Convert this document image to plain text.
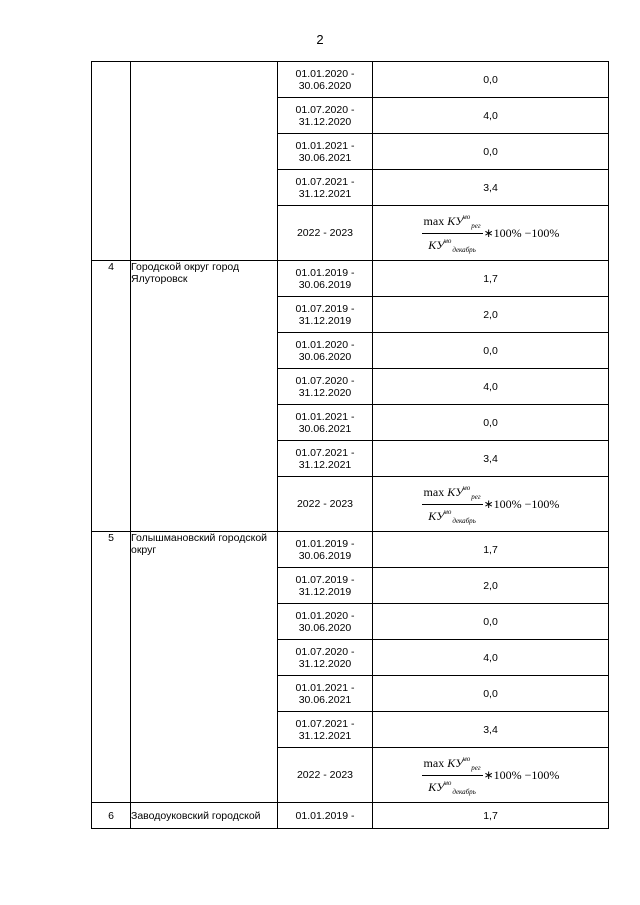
2
		01.01.2020 - 30.06.2020	0,0
		01.07.2020 - 31.12.2020	4,0
		01.01.2021 - 30.06.2021	0,0
		01.07.2021 - 31.12.2021	3,4
		2022 - 2023	$\frac{\max KУ^{мо}_{рег}}{KУ^{мо}_{декабрь}}$ ∗100% −100%

4	Городской округ город Ялуторовск	01.01.2019 - 30.06.2019	1,7
		01.07.2019 - 31.12.2019	2,0
		01.01.2020 - 30.06.2020	0,0
		01.07.2020 - 31.12.2020	4,0
		01.01.2021 - 30.06.2021	0,0
		01.07.2021 - 31.12.2021	3,4
		2022 - 2023	$\frac{\max KУ^{мо}_{рег}}{KУ^{мо}_{декабрь}}$ ∗100% −100%

5	Голышмановский городской округ	01.01.2019 - 30.06.2019	1,7
		01.07.2019 - 31.12.2019	2,0
		01.01.2020 - 30.06.2020	0,0
		01.07.2020 - 31.12.2020	4,0
		01.01.2021 - 30.06.2021	0,0
		01.07.2021 - 31.12.2021	3,4
		2022 - 2023	$\frac{\max KУ^{мо}_{рег}}{KУ^{мо}_{декабрь}}$ ∗100% −100%

6	Заводоуковский городской	01.01.2019 -	1,7
